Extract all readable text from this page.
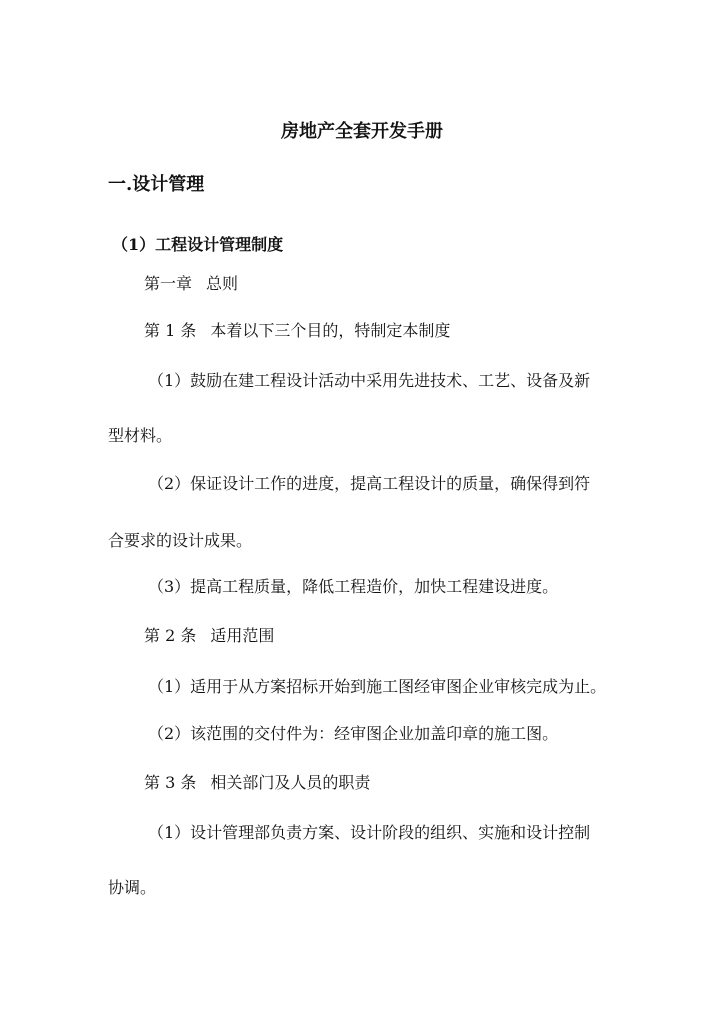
房地产全套开发手册
一.设计管理
（1）工程设计管理制度
第一章 总则
第 1 条 本着以下三个目的，特制定本制度
（1）鼓励在建工程设计活动中采用先进技术、工艺、设备及新
型材料。
（2）保证设计工作的进度，提高工程设计的质量，确保得到符
合要求的设计成果。
（3）提高工程质量，降低工程造价，加快工程建设进度。
第 2 条 适用范围
（1）适用于从方案招标开始到施工图经审图企业审核完成为止。
（2）该范围的交付件为：经审图企业加盖印章的施工图。
第 3 条 相关部门及人员的职责
（1）设计管理部负责方案、设计阶段的组织、实施和设计控制
协调。
